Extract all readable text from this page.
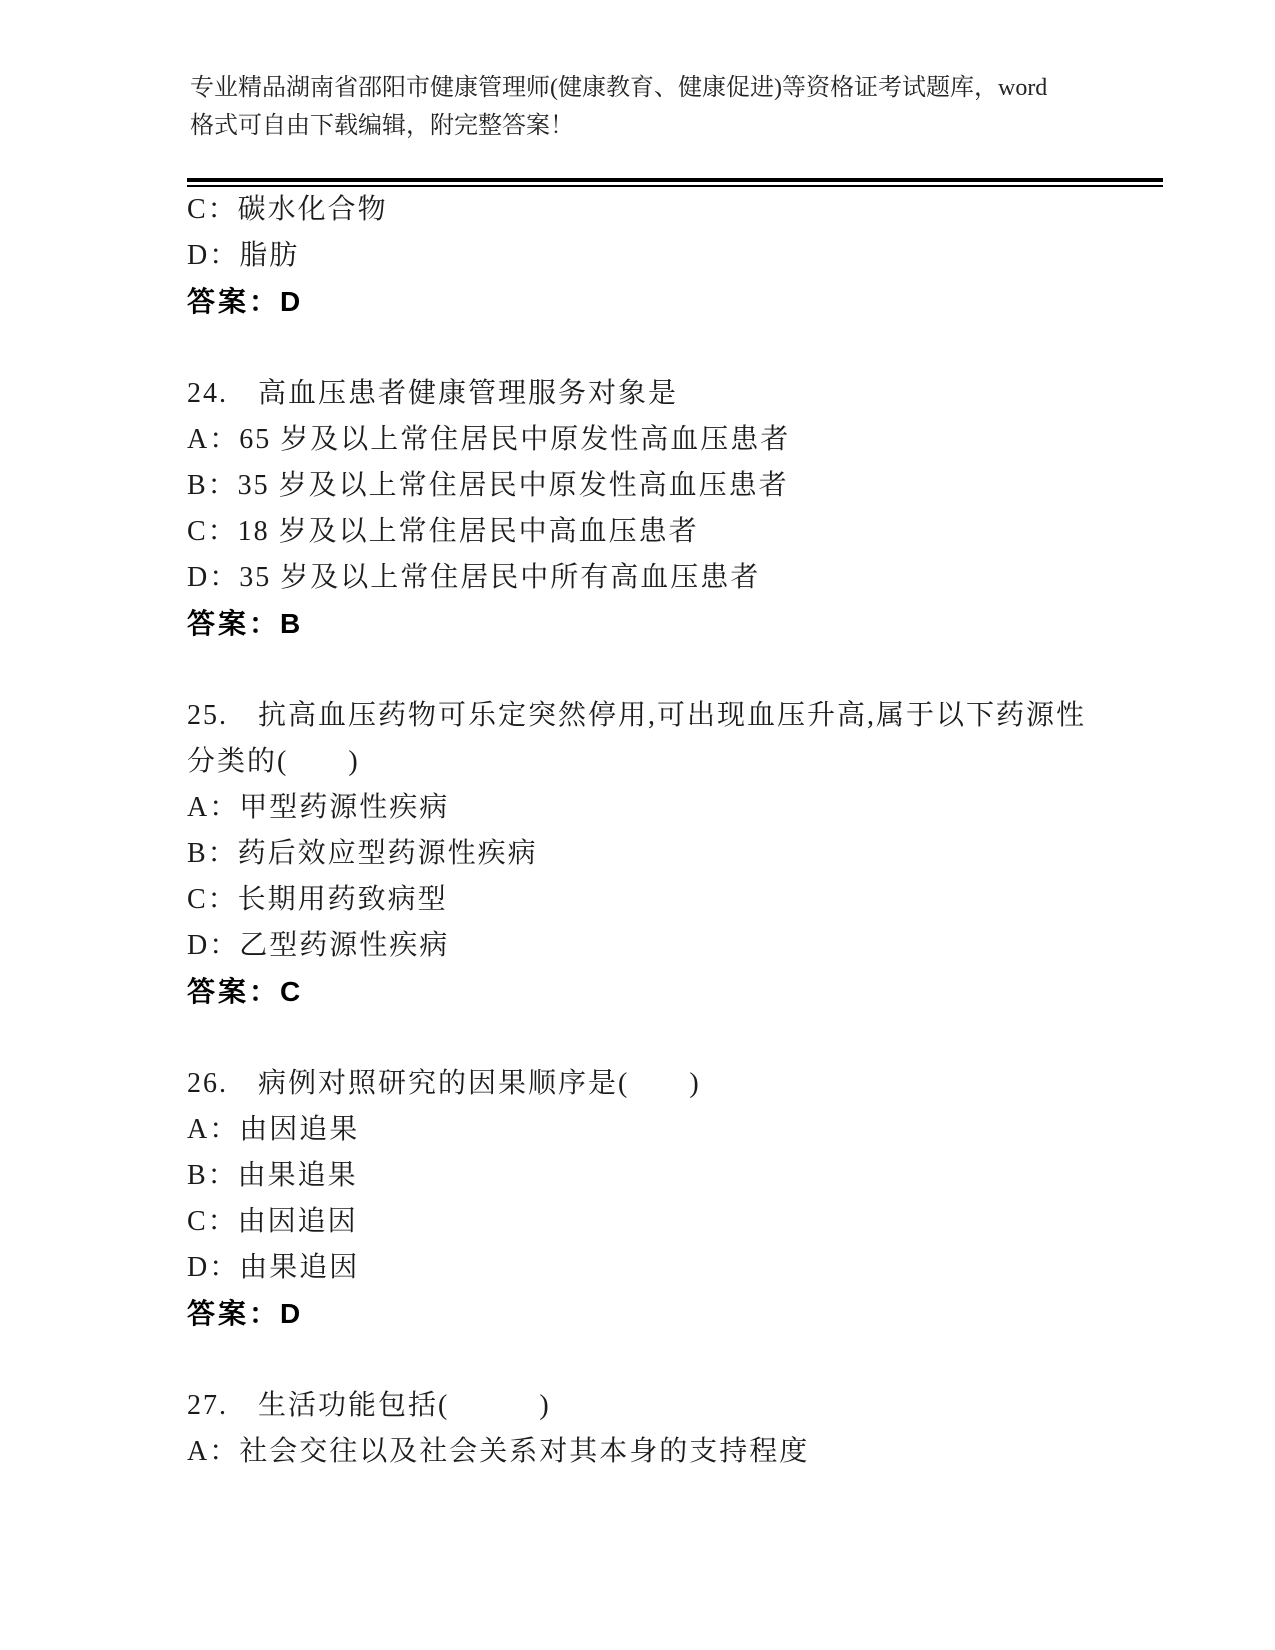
专业精品湖南省邵阳市健康管理师(健康教育、健康促进)等资格证考试题库，word
格式可自由下载编辑，附完整答案！
C：碳水化合物
D：脂肪
答案：D
24.　高血压患者健康管理服务对象是
A：65 岁及以上常住居民中原发性高血压患者
B：35 岁及以上常住居民中原发性高血压患者
C：18 岁及以上常住居民中高血压患者
D：35 岁及以上常住居民中所有高血压患者
答案：B
25.　抗高血压药物可乐定突然停用,可出现血压升高,属于以下药源性
分类的(　　)
A：甲型药源性疾病
B：药后效应型药源性疾病
C：长期用药致病型
D：乙型药源性疾病
答案：C
26.　病例对照研究的因果顺序是(　　)
A：由因追果
B：由果追果
C：由因追因
D：由果追因
答案：D
27.　生活功能包括(　　　)
A：社会交往以及社会关系对其本身的支持程度
